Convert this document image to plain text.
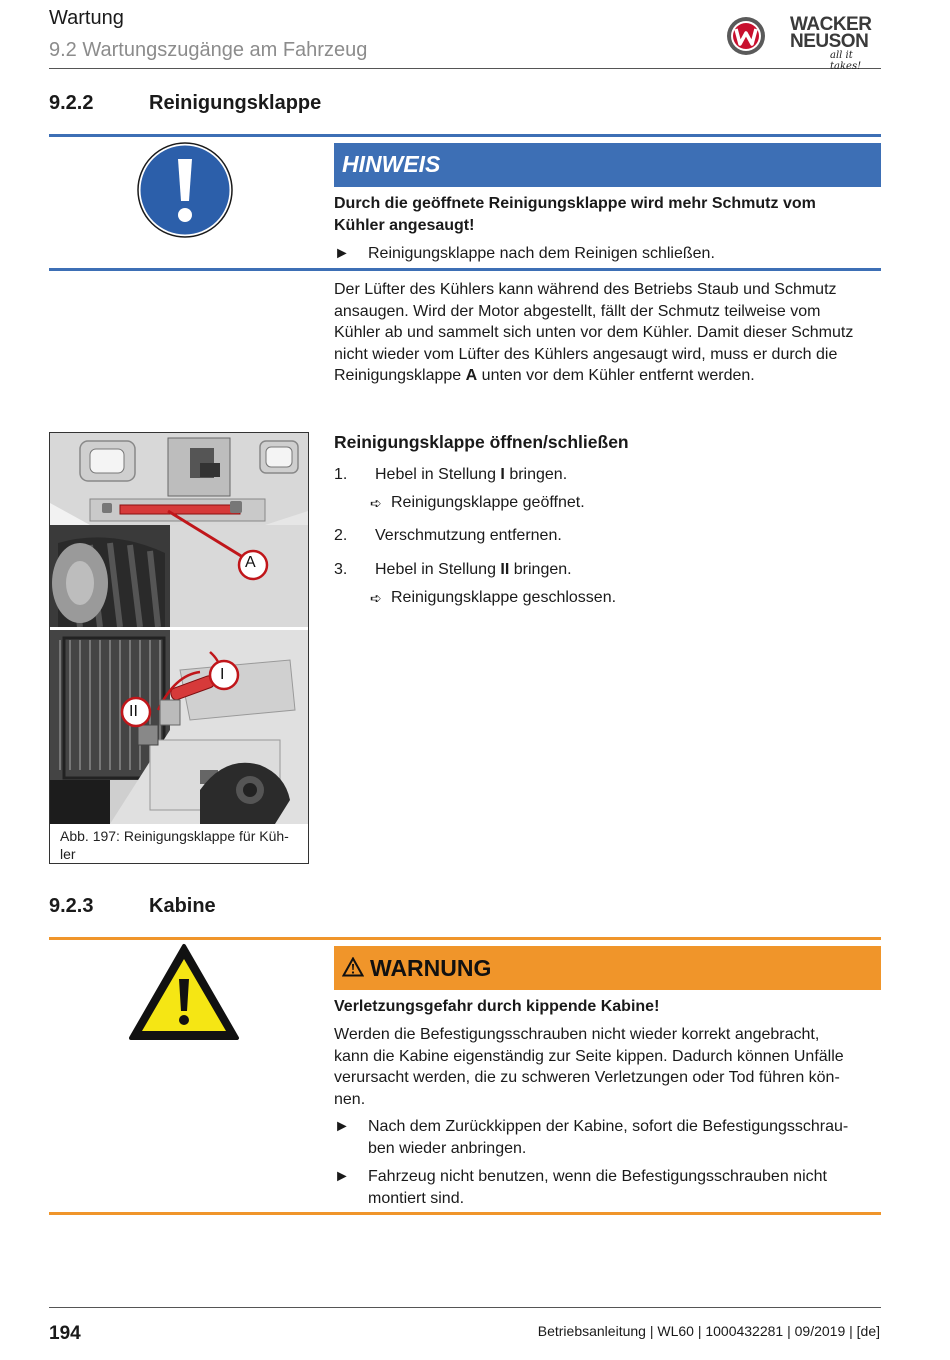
Wartung
9.2 Wartungszugänge am Fahrzeug
WACKER
NEUSON
all it takes!
9.2.2	Reinigungsklappe
HINWEIS
Durch die geöffnete Reinigungsklappe wird mehr Schmutz vom
Kühler angesaugt!
► Reinigungsklappe nach dem Reinigen schließen.
Der Lüfter des Kühlers kann während des Betriebs Staub und Schmutz
ansaugen. Wird der Motor abgestellt, fällt der Schmutz teilweise vom
Kühler ab und sammelt sich unten vor dem Kühler. Damit dieser Schmutz
nicht wieder vom Lüfter des Kühlers angesaugt wird, muss er durch die
Reinigungsklappe A unten vor dem Kühler entfernt werden.
Reinigungsklappe öffnen/schließen
1. Hebel in Stellung I bringen.
➪ Reinigungsklappe geöffnet.
2. Verschmutzung entfernen.
3. Hebel in Stellung II bringen.
➪ Reinigungsklappe geschlossen.
A
I
II
Abb. 197: Reinigungsklappe für Küh-
ler
9.2.3	Kabine
WARNUNG
Verletzungsgefahr durch kippende Kabine!
Werden die Befestigungsschrauben nicht wieder korrekt angebracht,
kann die Kabine eigenständig zur Seite kippen. Dadurch können Unfälle
verursacht werden, die zu schweren Verletzungen oder Tod führen kön-
nen.
► Nach dem Zurückkippen der Kabine, sofort die Befestigungsschrau-
ben wieder anbringen.
► Fahrzeug nicht benutzen, wenn die Befestigungsschrauben nicht
montiert sind.
194	Betriebsanleitung | WL60 | 1000432281 | 09/2019 | [de]
